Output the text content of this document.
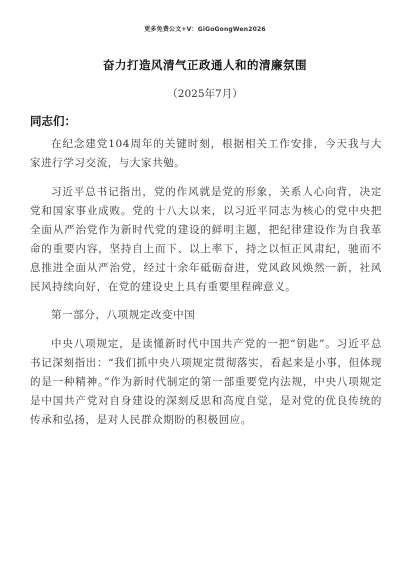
更多免费公文+V：GiGoGongWen2026
奋力打造风清气正政通人和的清廉氛围
（2025年7月）
同志们：

在纪念建党104周年的关键时刻，根据相关工作安排，今天我与大家进行学习交流，与大家共勉。

习近平总书记指出，党的作风就是党的形象，关系人心向背，决定党和国家事业成败。党的十八大以来，以习近平同志为核心的党中央把全面从严治党作为新时代党的建设的鲜明主题，把纪律建设作为自我革命的重要内容，坚持自上而下、以上率下，持之以恒正风肃纪，驰而不息推进全面从严治党，经过十余年砥砺奋进，党风政风焕然一新，社风民风持续向好，在党的建设史上具有重要里程碑意义。

第一部分，八项规定改变中国

中央八项规定，是读懂新时代中国共产党的一把“钥匙”。习近平总书记深刻指出：“我们抓中央八项规定贯彻落实，看起来是小事，但体现的是一种精神。”作为新时代制定的第一部重要党内法规，中央八项规定是中国共产党对自身建设的深刻反思和高度自觉，是对党的优良传统的传承和弘扬，是对人民群众期盼的积极回应。
